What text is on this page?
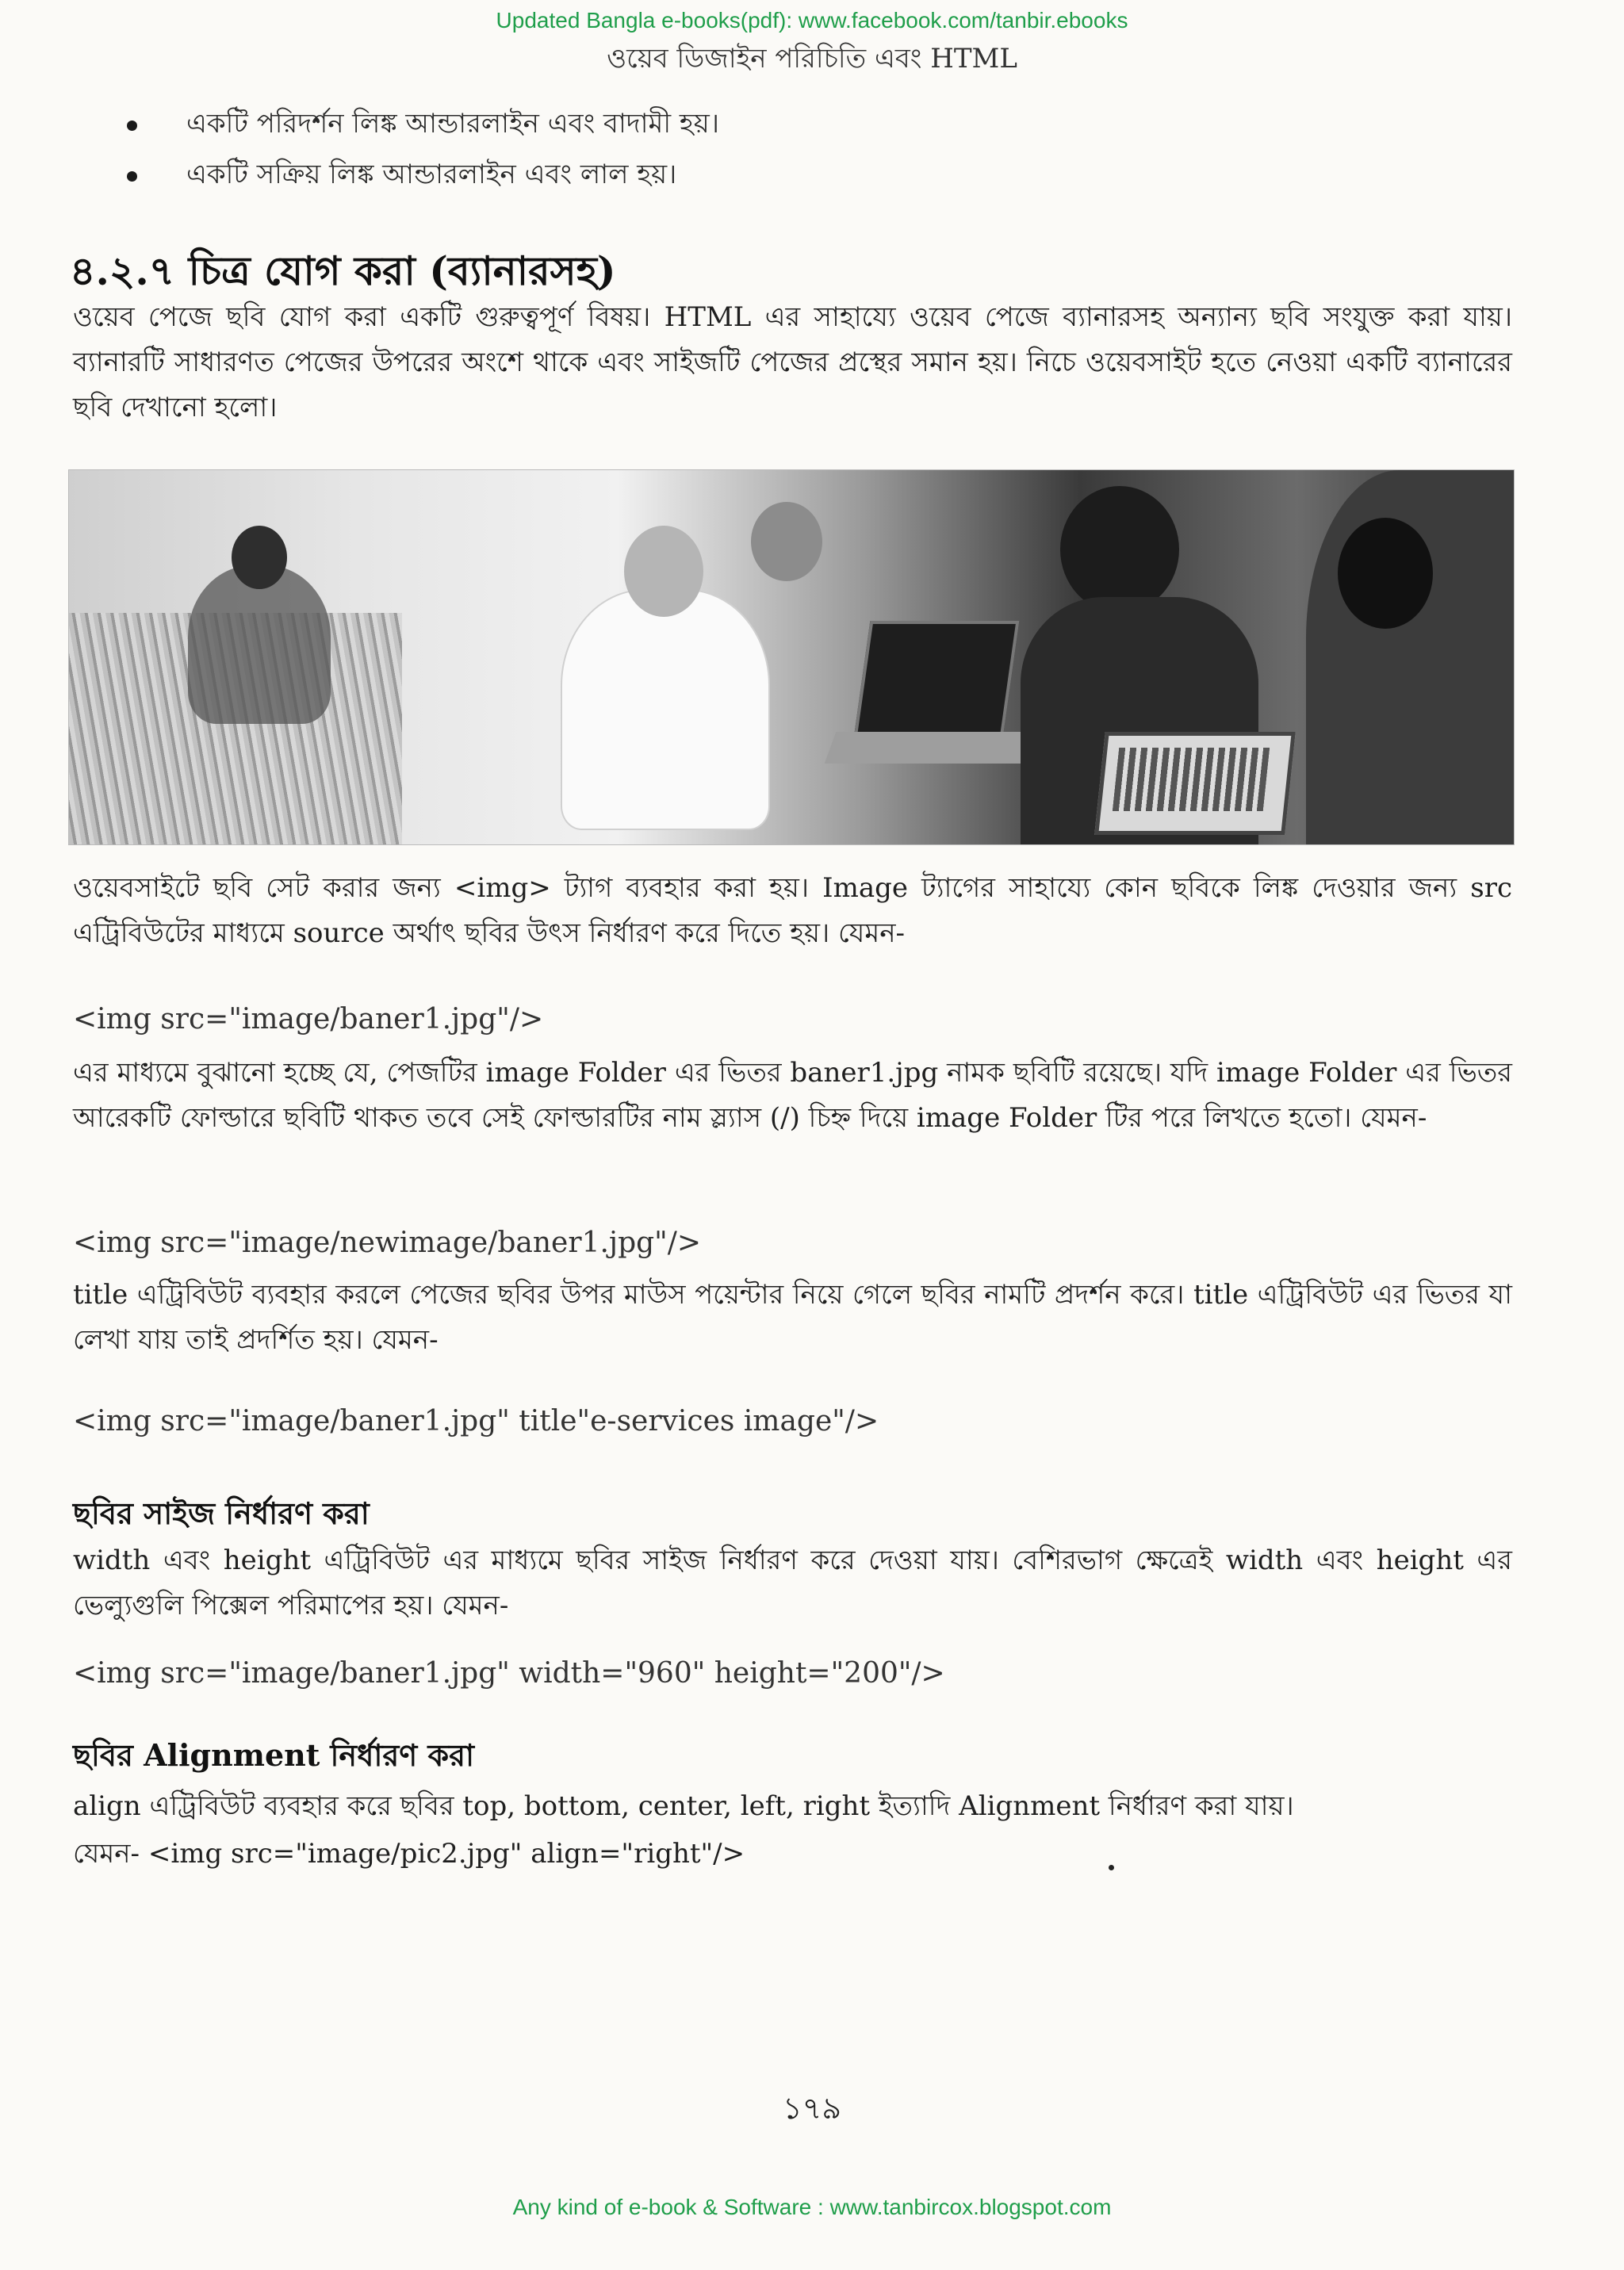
Updated Bangla e-books(pdf): www.facebook.com/tanbir.ebooks
ওয়েব ডিজাইন পরিচিতি এবং HTML
একটি পরিদর্শন লিঙ্ক আন্ডারলাইন এবং বাদামী হয়।
একটি সক্রিয় লিঙ্ক আন্ডারলাইন এবং লাল হয়।
৪.২.৭ চিত্র যোগ করা (ব্যানারসহ)
ওয়েব পেজে ছবি যোগ করা একটি গুরুত্বপূর্ণ বিষয়। HTML এর সাহায্যে ওয়েব পেজে ব্যানারসহ অন্যান্য ছবি সংযুক্ত করা যায়। ব্যানারটি সাধারণত পেজের উপরের অংশে থাকে এবং সাইজটি পেজের প্রস্থের সমান হয়। নিচে ওয়েবসাইট হতে নেওয়া একটি ব্যানারের ছবি দেখানো হলো।
ওয়েবসাইটে ছবি সেট করার জন্য <img> ট্যাগ ব্যবহার করা হয়। Image ট্যাগের সাহায্যে কোন ছবিকে লিঙ্ক দেওয়ার জন্য src এট্রিবিউটের মাধ্যমে source অর্থাৎ ছবির উৎস নির্ধারণ করে দিতে হয়। যেমন-
<img src="image/baner1.jpg"/>
এর মাধ্যমে বুঝানো হচ্ছে যে, পেজটির image Folder এর ভিতর baner1.jpg নামক ছবিটি রয়েছে। যদি image Folder এর ভিতর আরেকটি ফোল্ডারে ছবিটি থাকত তবে সেই ফোল্ডারটির নাম স্ল্যাস (/) চিহ্ন দিয়ে image Folder টির পরে লিখতে হতো। যেমন-
<img src="image/newimage/baner1.jpg"/>
title এট্রিবিউট ব্যবহার করলে পেজের ছবির উপর মাউস পয়েন্টার নিয়ে গেলে ছবির নামটি প্রদর্শন করে। title এট্রিবিউট এর ভিতর যা লেখা যায় তাই প্রদর্শিত হয়। যেমন-
<img src="image/baner1.jpg" title"e-services image"/>
ছবির সাইজ নির্ধারণ করা
width এবং height এট্রিবিউট এর মাধ্যমে ছবির সাইজ নির্ধারণ করে দেওয়া যায়। বেশিরভাগ ক্ষেত্রেই width এবং height এর ভেল্যুগুলি পিক্সেল পরিমাপের হয়। যেমন-
<img src="image/baner1.jpg" width="960" height="200"/>
ছবির Alignment নির্ধারণ করা
align এট্রিবিউট ব্যবহার করে ছবির top, bottom, center, left, right ইত্যাদি Alignment নির্ধারণ করা যায়।
যেমন- <img src="image/pic2.jpg" align="right"/>
১৭৯
Any kind of e-book & Software : www.tanbircox.blogspot.com
